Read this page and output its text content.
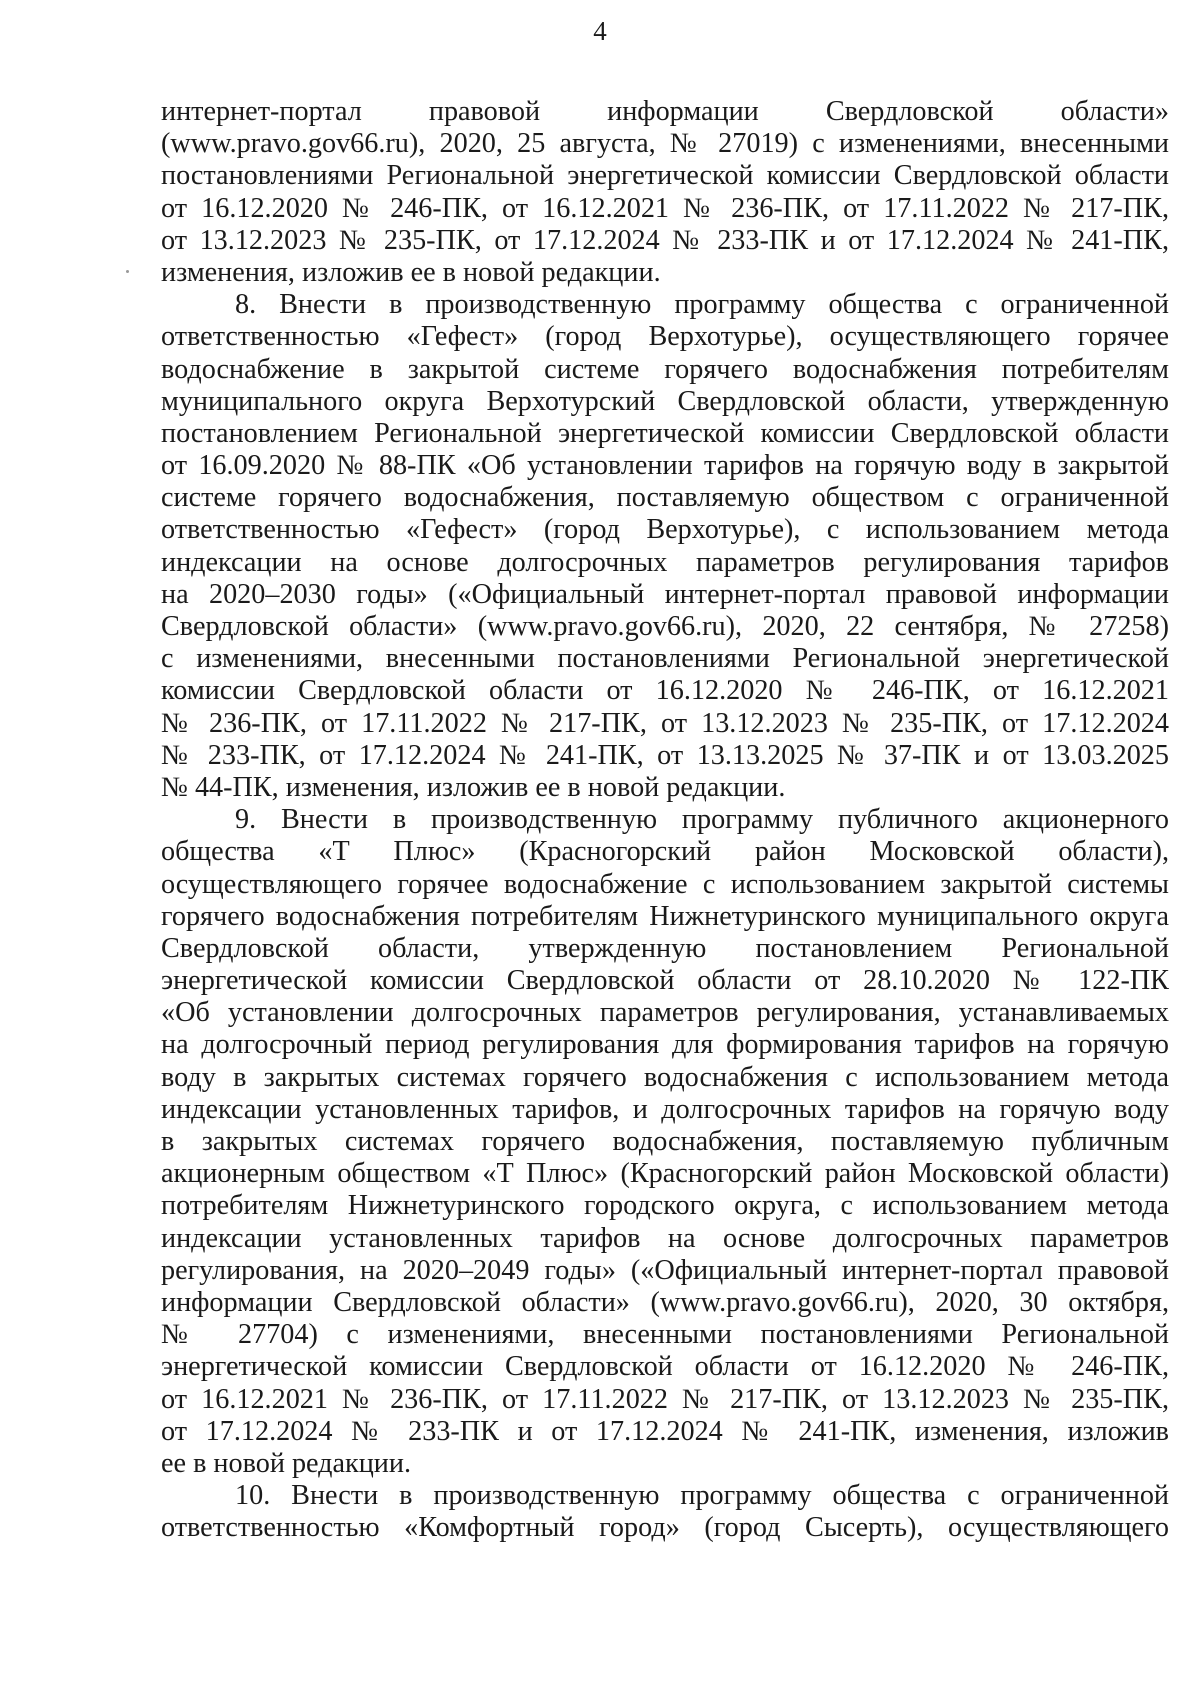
4
интернет-портал правовой информации Свердловской области»
(www.pravo.gov66.ru), 2020, 25 августа, № 27019) с изменениями, внесенными
постановлениями Региональной энергетической комиссии Свердловской области
от 16.12.2020 № 246-ПК, от 16.12.2021 № 236-ПК, от 17.11.2022 № 217-ПК,
от 13.12.2023 № 235-ПК, от 17.12.2024 № 233-ПК и от 17.12.2024 № 241-ПК,
изменения, изложив ее в новой редакции.
8. Внести в производственную программу общества с ограниченной
ответственностью «Гефест» (город Верхотурье), осуществляющего горячее
водоснабжение в закрытой системе горячего водоснабжения потребителям
муниципального округа Верхотурский Свердловской области, утвержденную
постановлением Региональной энергетической комиссии Свердловской области
от 16.09.2020 № 88-ПК «Об установлении тарифов на горячую воду в закрытой
системе горячего водоснабжения, поставляемую обществом с ограниченной
ответственностью «Гефест» (город Верхотурье), с использованием метода
индексации на основе долгосрочных параметров регулирования тарифов
на 2020–2030 годы» («Официальный интернет-портал правовой информации
Свердловской области» (www.pravo.gov66.ru), 2020, 22 сентября, № 27258)
с изменениями, внесенными постановлениями Региональной энергетической
комиссии Свердловской области от 16.12.2020 № 246-ПК, от 16.12.2021
№ 236-ПК, от 17.11.2022 № 217-ПК, от 13.12.2023 № 235-ПК, от 17.12.2024
№ 233-ПК, от 17.12.2024 № 241-ПК, от 13.13.2025 № 37-ПК и от 13.03.2025
№ 44-ПК, изменения, изложив ее в новой редакции.
9. Внести в производственную программу публичного акционерного
общества «Т Плюс» (Красногорский район Московской области),
осуществляющего горячее водоснабжение с использованием закрытой системы
горячего водоснабжения потребителям Нижнетуринского муниципального округа
Свердловской области, утвержденную постановлением Региональной
энергетической комиссии Свердловской области от 28.10.2020 № 122-ПК
«Об установлении долгосрочных параметров регулирования, устанавливаемых
на долгосрочный период регулирования для формирования тарифов на горячую
воду в закрытых системах горячего водоснабжения с использованием метода
индексации установленных тарифов, и долгосрочных тарифов на горячую воду
в закрытых системах горячего водоснабжения, поставляемую публичным
акционерным обществом «Т Плюс» (Красногорский район Московской области)
потребителям Нижнетуринского городского округа, с использованием метода
индексации установленных тарифов на основе долгосрочных параметров
регулирования, на 2020–2049 годы» («Официальный интернет-портал правовой
информации Свердловской области» (www.pravo.gov66.ru), 2020, 30 октября,
№ 27704) с изменениями, внесенными постановлениями Региональной
энергетической комиссии Свердловской области от 16.12.2020 № 246-ПК,
от 16.12.2021 № 236-ПК, от 17.11.2022 № 217-ПК, от 13.12.2023 № 235-ПК,
от 17.12.2024 № 233-ПК и от 17.12.2024 № 241-ПК, изменения, изложив
ее в новой редакции.
10. Внести в производственную программу общества с ограниченной
ответственностью «Комфортный город» (город Сысерть), осуществляющего
